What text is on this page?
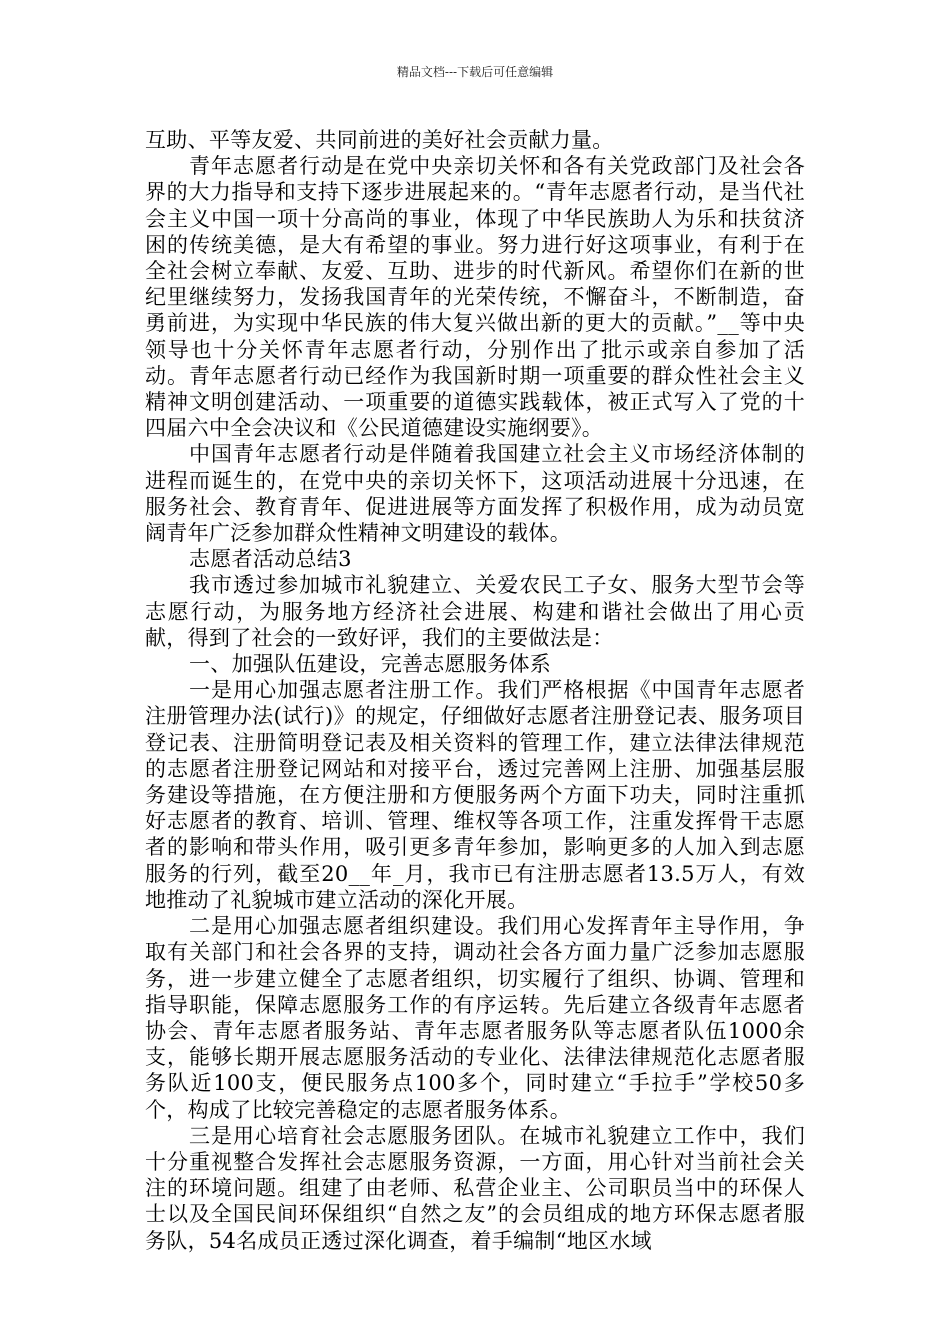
精品文档---下载后可任意编辑

互助、平等友爱、共同前进的美好社会贡献力量。

青年志愿者行动是在党中央亲切关怀和各有关党政部门及社会各界的大力指导和支持下逐步进展起来的。“青年志愿者行动，是当代社会主义中国一项十分高尚的事业，体现了中华民族助人为乐和扶贫济困的传统美德，是大有希望的事业。努力进行好这项事业，有利于在全社会树立奉献、友爱、互助、进步的时代新风。希望你们在新的世纪里继续努力，发扬我国青年的光荣传统，不懈奋斗，不断制造，奋勇前进，为实现中华民族的伟大复兴做出新的更大的贡献。”__等中央领导也十分关怀青年志愿者行动，分别作出了批示或亲自参加了活动。青年志愿者行动已经作为我国新时期一项重要的群众性社会主义精神文明创建活动、一项重要的道德实践载体，被正式写入了党的十四届六中全会决议和《公民道德建设实施纲要》。

中国青年志愿者行动是伴随着我国建立社会主义市场经济体制的进程而诞生的，在党中央的亲切关怀下，这项活动进展十分迅速，在服务社会、教育青年、促进进展等方面发挥了积极作用，成为动员宽阔青年广泛参加群众性精神文明建设的载体。

志愿者活动总结3

我市透过参加城市礼貌建立、关爱农民工子女、服务大型节会等志愿行动，为服务地方经济社会进展、构建和谐社会做出了用心贡献，得到了社会的一致好评，我们的主要做法是：

一、加强队伍建设，完善志愿服务体系

一是用心加强志愿者注册工作。我们严格根据《中国青年志愿者注册管理办法(试行)》的规定，仔细做好志愿者注册登记表、服务项目登记表、注册简明登记表及相关资料的管理工作，建立法律法律规范的志愿者注册登记网站和对接平台，透过完善网上注册、加强基层服务建设等措施，在方便注册和方便服务两个方面下功夫，同时注重抓好志愿者的教育、培训、管理、维权等各项工作，注重发挥骨干志愿者的影响和带头作用，吸引更多青年参加，影响更多的人加入到志愿服务的行列，截至20__年_月，我市已有注册志愿者13.5万人，有效地推动了礼貌城市建立活动的深化开展。

二是用心加强志愿者组织建设。我们用心发挥青年主导作用，争取有关部门和社会各界的支持，调动社会各方面力量广泛参加志愿服务，进一步建立健全了志愿者组织，切实履行了组织、协调、管理和指导职能，保障志愿服务工作的有序运转。先后建立各级青年志愿者协会、青年志愿者服务站、青年志愿者服务队等志愿者队伍1000余支，能够长期开展志愿服务活动的专业化、法律法律规范化志愿者服务队近100支，便民服务点100多个，同时建立“手拉手”学校50多个，构成了比较完善稳定的志愿者服务体系。

三是用心培育社会志愿服务团队。在城市礼貌建立工作中，我们十分重视整合发挥社会志愿服务资源，一方面，用心针对当前社会关注的环境问题。组建了由老师、私营企业主、公司职员当中的环保人士以及全国民间环保组织“自然之友”的会员组成的地方环保志愿者服务队，54名成员正透过深化调查，着手编制“地区水域
